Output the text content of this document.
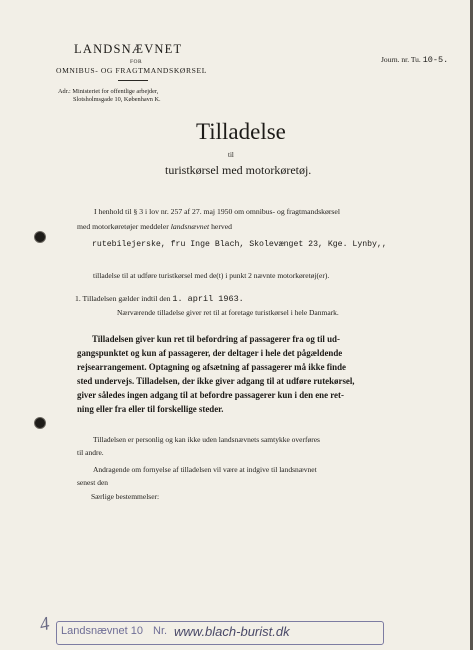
LANDSNÆVNET
FOR
OMNIBUS- OG FRAGTMANDSKØRSEL
Adr.: Ministeriet for offentlige arbejder,
Slotsholmsgade 10, København K.
Journ. nr. Tu. 10-5.
Tilladelse
til
turistkørsel med motorkøretøj.
I henhold til § 3 i lov nr. 257 af 27. maj 1950 om omnibus- og fragtmandskørsel
med motorkøretøjer meddeler landsnævnet herved
rutebilejerske, fru Inge Blach, Skolevænget 23, Kge. Lynby,,
tilladelse til at udføre turistkørsel med de(t) i punkt 2 nævnte motorkøretøj(er).
1. Tilladelsen gælder indtil den 1. april 1963.
Nærværende tilladelse giver ret til at foretage turistkørsel i hele Danmark.
Tilladelsen giver kun ret til befordring af passagerer fra og til ud-
gangspunktet og kun af passagerer, der deltager i hele det pågældende
rejsearrangement. Optagning og afsætning af passagerer må ikke finde
sted undervejs. Tilladelsen, der ikke giver adgang til at udføre rutekørsel,
giver således ingen adgang til at befordre passagerer kun i den ene ret-
ning eller fra eller til forskellige steder.
Tilladelsen er personlig og kan ikke uden landsnævnets samtykke overføres
til andre.
Andragende om fornyelse af tilladelsen vil være at indgive til landsnævnet
senest den
Særlige bestemmelser:
4 Landsnævnet 10 Nr. www.blach-burist.dk
